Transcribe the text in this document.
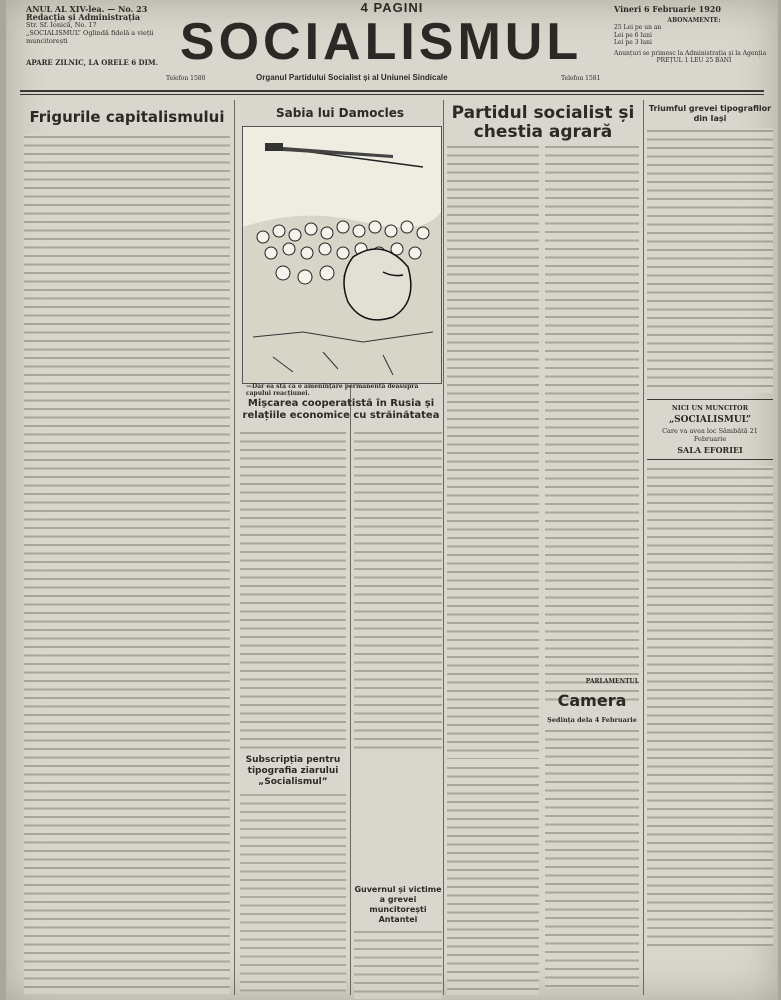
4 PAGINI
ANUL AL XIV-lea. — No. 23
Redacția și Administrația
Str. Sf. Ionică, No. 17
„SOCIALISMUL” Oglindă fidelă a vieții muncitorești
APARE ZILNIC, LA ORELE 6 DIM. SOCIALISMUL
Telefon 1580	Organul Partidului Socialist și al Uniunei Sindicale	Telefon 1581
Vineri 6 Februarie 1920
ABONAMENTE:
25 Lei pe un an
Lei pe 6 luni
Lei pe 3 luni
Anunțuri se primesc la Administrația și la Agenția
PREȚUL 1 LEU 25 BANI
Frigurile capitalismului	Sabia lui Damocles
—Dar ea stă ca o amenințare permanentă deasupra capului reacțiunei.
Mișcarea cooperatistă în Rusia și relațiile economice cu străinătatea
Subscripția pentru tipografia ziarului „Socialismul”
Guvernul și victime a grevei muncitorești Antantei
Partidul socialist și chestia agrară
PARLAMENTUL
Camera
Ședința dela 4 Februarie
Triumful grevei tipografilor din Iași
NICI UN MUNCITOR
„SOCIALISMUL”
Care va avea loc Sâmbătă 21 Februarie
SALA EFORIEI
